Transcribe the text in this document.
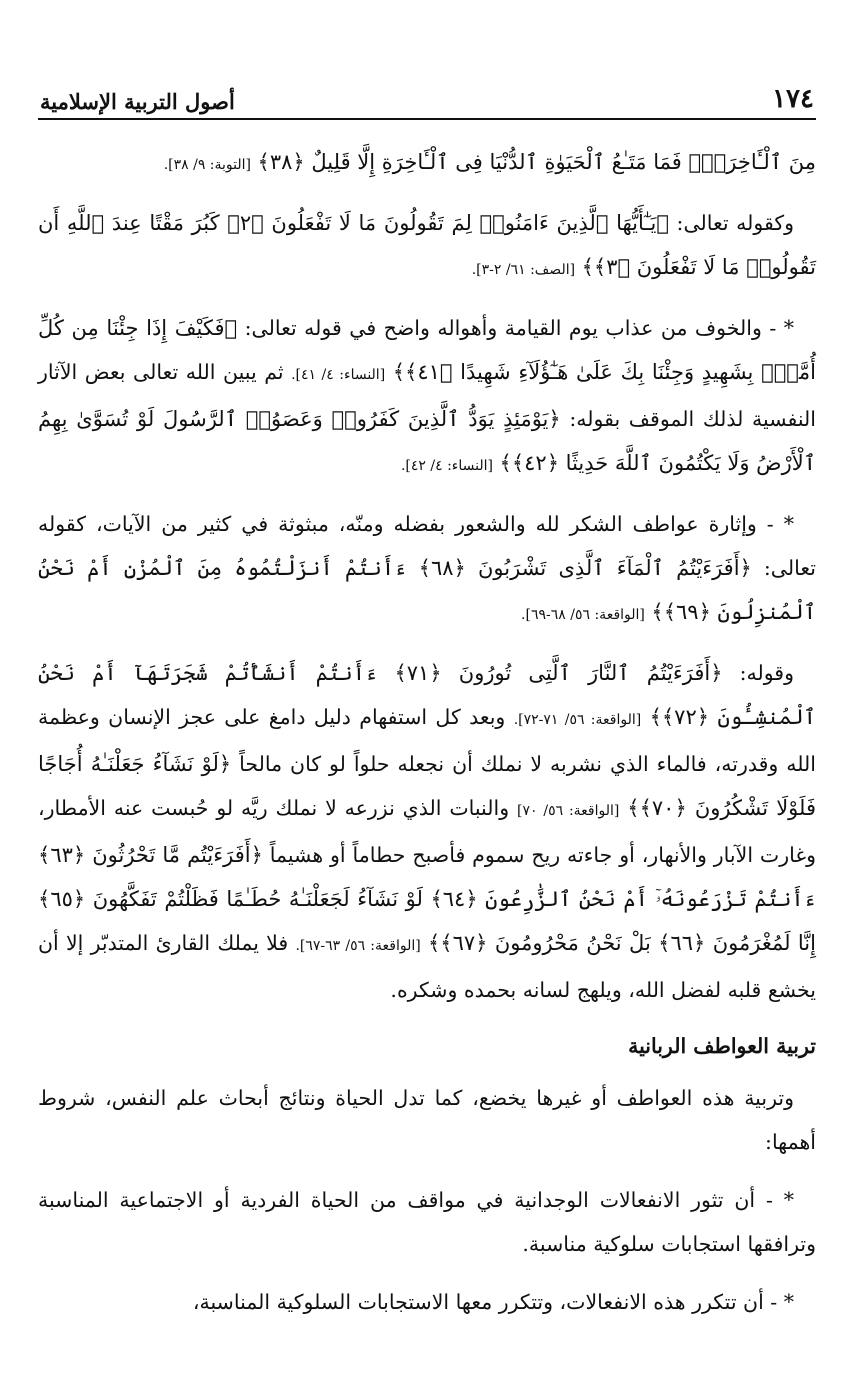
١٧٤
أصول التربية الإسلامية

مِنَ ٱلْـَٔاخِرَةِۚ فَمَا مَتَـٰعُ ٱلْحَيَوٰةِ ٱلدُّنْيَا فِى ٱلْـَٔاخِرَةِ إِلَّا قَلِيلٌ ﴿٣٨﴾ [التوبة: ٩/ ٣٨].

وكقوله تعالى: ﴿يَـٰٓأَيُّهَا ٱلَّذِينَ ءَامَنُوا۟ لِمَ تَقُولُونَ مَا لَا تَفْعَلُونَ ﴿٢﴾ كَبُرَ مَقْتًا عِندَ ٱللَّهِ أَن تَقُولُوا۟ مَا لَا تَفْعَلُونَ ﴿٣﴾﴾ [الصف: ٦١/ ٢-٣].

* - والخوف من عذاب يوم القيامة وأهواله واضح في قوله تعالى: ﴿فَكَيْفَ إِذَا جِئْنَا مِن كُلِّ أُمَّةٍۭ بِشَهِيدٍ وَجِئْنَا بِكَ عَلَىٰ هَـٰٓؤُلَآءِ شَهِيدًا ﴿٤١﴾﴾ [النساء: ٤/ ٤١]. ثم يبين الله تعالى بعض الآثار النفسية لذلك الموقف بقوله: ﴿يَوْمَئِذٍ يَوَدُّ ٱلَّذِينَ كَفَرُوا۟ وَعَصَوُا۟ ٱلرَّسُولَ لَوْ تُسَوَّىٰ بِهِمُ ٱلْأَرْضُ وَلَا يَكْتُمُونَ ٱللَّهَ حَدِيثًا ﴿٤٢﴾﴾ [النساء: ٤/ ٤٢].

* - وإثارة عواطف الشكر لله والشعور بفضله ومنّه، مبثوثة في كثير من الآيات، كقوله تعالى: ﴿أَفَرَءَيْتُمُ ٱلْمَآءَ ٱلَّذِى تَشْرَبُونَ ﴿٦٨﴾ ءَأَنتُمْ أَنزَلْتُمُوهُ مِنَ ٱلْمُزْنِ أَمْ نَحْنُ ٱلْمُنزِلُونَ ﴿٦٩﴾﴾ [الواقعة: ٥٦/ ٦٨-٦٩].

وقوله: ﴿أَفَرَءَيْتُمُ ٱلنَّارَ ٱلَّتِى تُورُونَ ﴿٧١﴾ ءَأَنتُمْ أَنشَأْتُمْ شَجَرَتَهَآ أَمْ نَحْنُ ٱلْمُنشِـُٔونَ ﴿٧٢﴾﴾ [الواقعة: ٥٦/ ٧١-٧٢]. وبعد كل استفهام دليل دامغ على عجز الإنسان وعظمة الله وقدرته، فالماء الذي نشربه لا نملك أن نجعله حلواً لو كان مالحاً ﴿لَوْ نَشَآءُ جَعَلْنَـٰهُ أُجَاجًا فَلَوْلَا تَشْكُرُونَ ﴿٧٠﴾﴾ [الواقعة: ٥٦/ ٧٠] والنبات الذي نزرعه لا نملك ريَّه لو حُبست عنه الأمطار، وغارت الآبار والأنهار، أو جاءته ريح سموم فأصبح حطاماً أو هشيماً ﴿أَفَرَءَيْتُم مَّا تَحْرُثُونَ ﴿٦٣﴾ ءَأَنتُمْ تَزْرَعُونَهُۥٓ أَمْ نَحْنُ ٱلزَّٰرِعُونَ ﴿٦٤﴾ لَوْ نَشَآءُ لَجَعَلْنَـٰهُ حُطَـٰمًا فَظَلْتُمْ تَفَكَّهُونَ ﴿٦٥﴾ إِنَّا لَمُغْرَمُونَ ﴿٦٦﴾ بَلْ نَحْنُ مَحْرُومُونَ ﴿٦٧﴾﴾ [الواقعة: ٥٦/ ٦٣-٦٧]. فلا يملك القارئ المتدبّر إلا أن يخشع قلبه لفضل الله، ويلهج لسانه بحمده وشكره.

تربية العواطف الربانية

وتربية هذه العواطف أو غيرها يخضع، كما تدل الحياة ونتائج أبحاث علم النفس، شروط أهمها:

* - أن تثور الانفعالات الوجدانية في مواقف من الحياة الفردية أو الاجتماعية المناسبة وترافقها استجابات سلوكية مناسبة.

* - أن تتكرر هذه الانفعالات، وتتكرر معها الاستجابات السلوكية المناسبة،
